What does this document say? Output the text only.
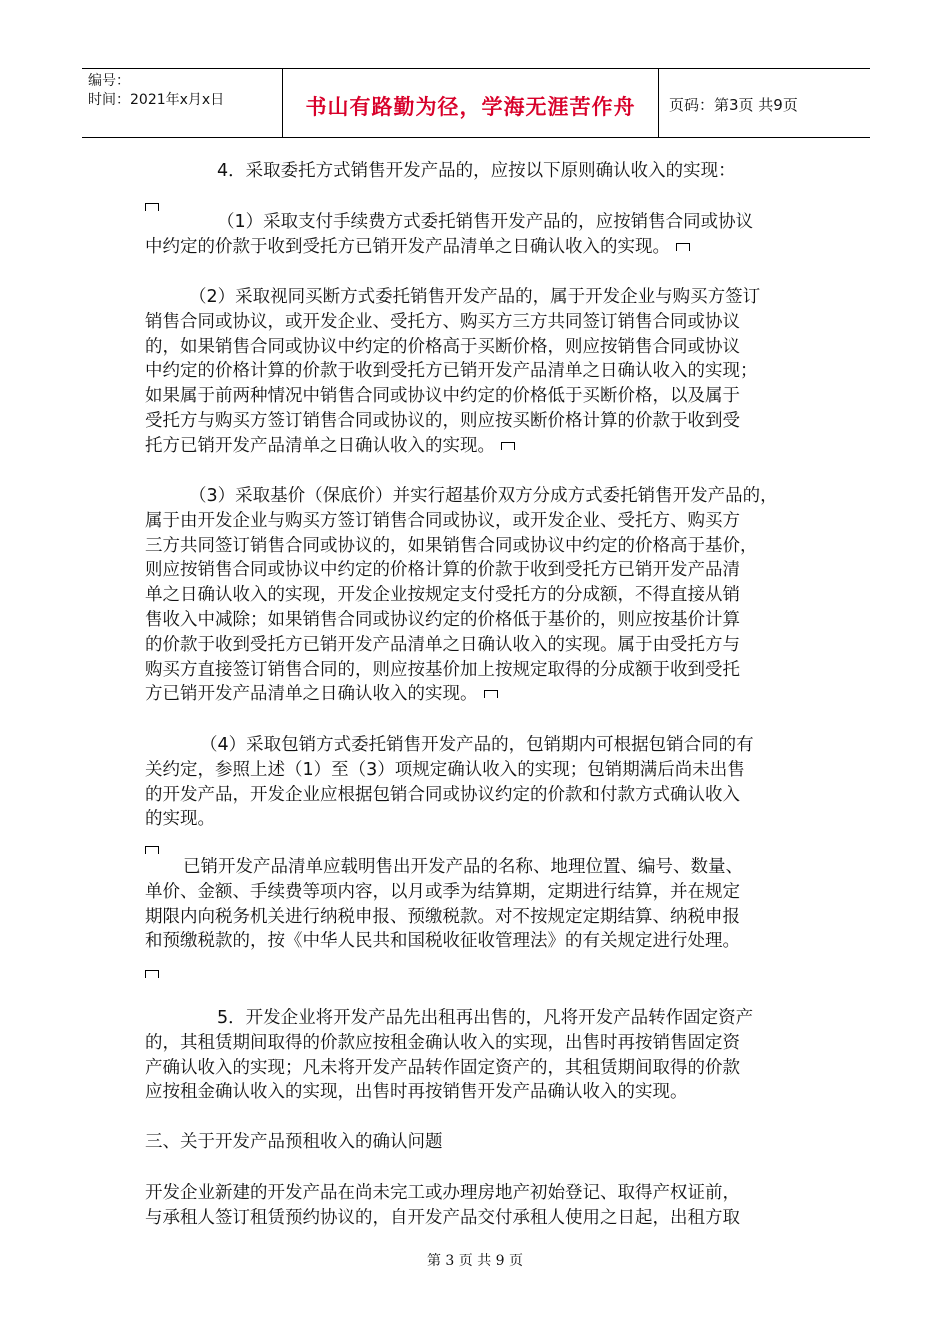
编号：
时间：2021年x月x日	书山有路勤为径，学海无涯苦作舟	页码：第3页 共9页
4．采取委托方式销售开发产品的，应按以下原则确认收入的实现：
（1）采取支付手续费方式委托销售开发产品的，应按销售合同或协议
中约定的价款于收到受托方已销开发产品清单之日确认收入的实现。
（2）采取视同买断方式委托销售开发产品的，属于开发企业与购买方签订
销售合同或协议，或开发企业、受托方、购买方三方共同签订销售合同或协议
的，如果销售合同或协议中约定的价格高于买断价格，则应按销售合同或协议
中约定的价格计算的价款于收到受托方已销开发产品清单之日确认收入的实现；
如果属于前两种情况中销售合同或协议中约定的价格低于买断价格，以及属于
受托方与购买方签订销售合同或协议的，则应按买断价格计算的价款于收到受
托方已销开发产品清单之日确认收入的实现。
（3）采取基价（保底价）并实行超基价双方分成方式委托销售开发产品的，
属于由开发企业与购买方签订销售合同或协议，或开发企业、受托方、购买方
三方共同签订销售合同或协议的，如果销售合同或协议中约定的价格高于基价，
则应按销售合同或协议中约定的价格计算的价款于收到受托方已销开发产品清
单之日确认收入的实现，开发企业按规定支付受托方的分成额，不得直接从销
售收入中减除；如果销售合同或协议约定的价格低于基价的，则应按基价计算
的价款于收到受托方已销开发产品清单之日确认收入的实现。属于由受托方与
购买方直接签订销售合同的，则应按基价加上按规定取得的分成额于收到受托
方已销开发产品清单之日确认收入的实现。
（4）采取包销方式委托销售开发产品的，包销期内可根据包销合同的有
关约定，参照上述（1）至（3）项规定确认收入的实现；包销期满后尚未出售
的开发产品，开发企业应根据包销合同或协议约定的价款和付款方式确认收入
的实现。
已销开发产品清单应载明售出开发产品的名称、地理位置、编号、数量、
单价、金额、手续费等项内容，以月或季为结算期，定期进行结算，并在规定
期限内向税务机关进行纳税申报、预缴税款。对不按规定定期结算、纳税申报
和预缴税款的，按《中华人民共和国税收征收管理法》的有关规定进行处理。
5．开发企业将开发产品先出租再出售的，凡将开发产品转作固定资产
的，其租赁期间取得的价款应按租金确认收入的实现，出售时再按销售固定资
产确认收入的实现；凡未将开发产品转作固定资产的，其租赁期间取得的价款
应按租金确认收入的实现，出售时再按销售开发产品确认收入的实现。
三、关于开发产品预租收入的确认问题
开发企业新建的开发产品在尚未完工或办理房地产初始登记、取得产权证前，
与承租人签订租赁预约协议的，自开发产品交付承租人使用之日起，出租方取
第 3 页 共 9 页
